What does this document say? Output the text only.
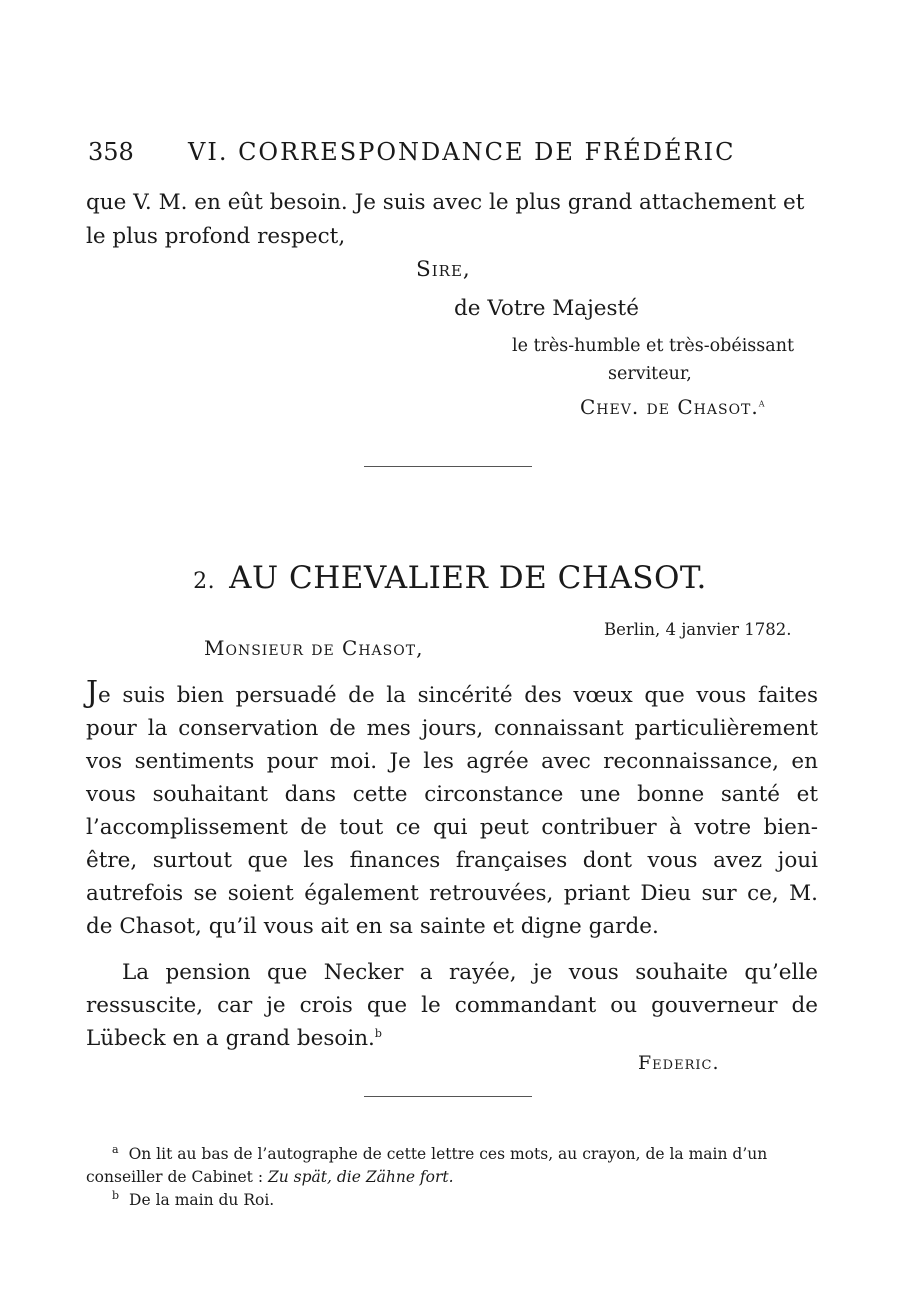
358 VI. CORRESPONDANCE DE FRÉDÉRIC
que V. M. en eût besoin. Je suis avec le plus grand attachement et
le plus profond respect,
Sire,
de Votre Majesté
le très-humble et très-obéissant
serviteur,
Chev. de Chasot.$^a$
2. AU CHEVALIER DE CHASOT.
Berlin, 4 janvier 1782.
Monsieur de Chasot,
Je suis bien persuadé de la sincérité des vœux que vous faites pour la conservation de mes jours, connaissant particulièrement vos sentiments pour moi. Je les agrée avec reconnaissance, en vous souhaitant dans cette circonstance une bonne santé et l’accomplissement de tout ce qui peut contribuer à votre bien-être, surtout que les finances françaises dont vous avez joui autrefois se soient également retrouvées, priant Dieu sur ce, M. de Chasot, qu’il vous ait en sa sainte et digne garde.
La pension que Necker a rayée, je vous souhaite qu’elle ressuscite, car je crois que le commandant ou gouverneur de Lübeck en a grand besoin.$^b$
Federic.
$^a$ On lit au bas de l’autographe de cette lettre ces mots, au crayon, de la main d’un conseiller de Cabinet : Zu spät, die Zähne fort.
$^b$ De la main du Roi.
